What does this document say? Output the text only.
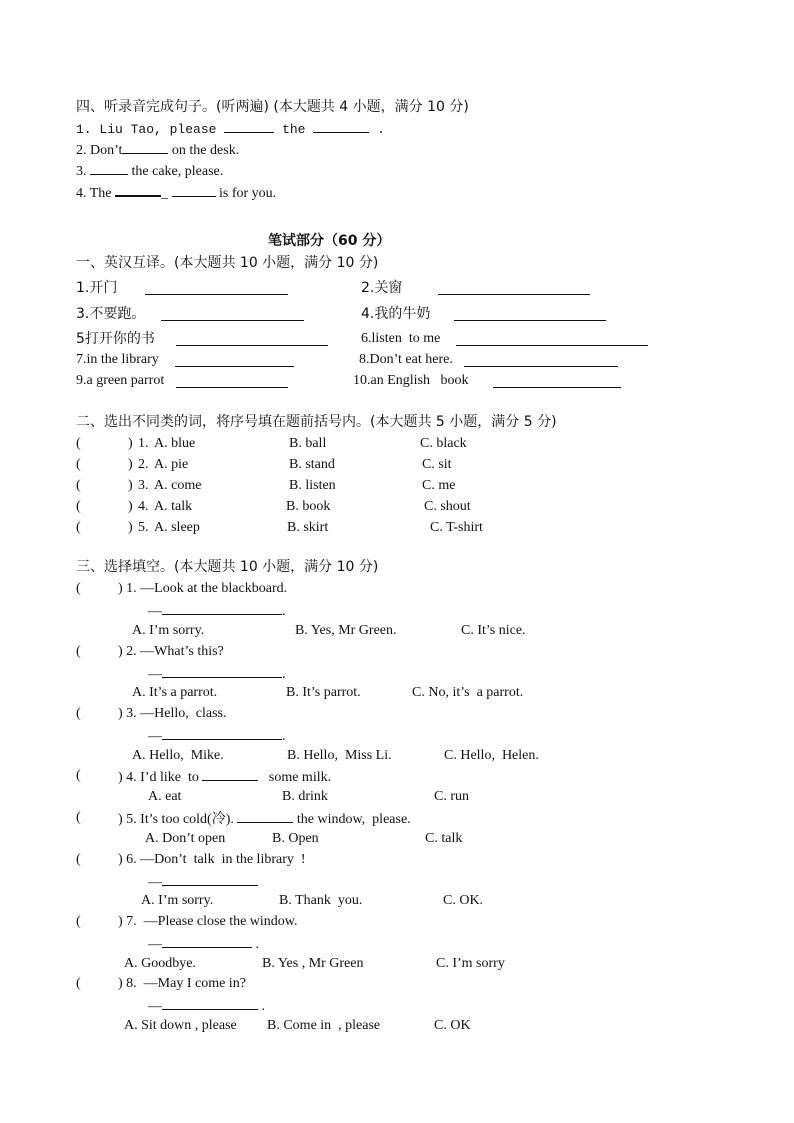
四、听录音完成句子。(听两遍) (本大题共 4 小题，满分 10 分)
1. Liu Tao, please	the	.
2. Don’t	on the desk.
3.	the cake, please.
4. The	_	is for you.
笔试部分（60 分）
一、英汉互译。(本大题共 10 小题，满分 10 分)
1.开门	2.关窗
3.不要跑。	4.我的牛奶
5打开你的书	6.listen  to me
7.in the library	8.Don’t eat here.
9.a green parrot	10.an English   book
二、选出不同类的词，将序号填在题前括号内。(本大题共 5 小题，满分 5 分)
(	) 1. A. blue	B. ball	C. black
(	) 2. A. pie	B. stand	C. sit
(	) 3. A. come	B. listen	C. me
(	) 4. A. talk	B. book	C. shout
(	) 5. A. sleep	B. skirt	C. T-shirt
三、选择填空。(本大题共 10 小题，满分 10 分)
(	) 1. —Look at the blackboard.
—	.
A. I’m sorry.	B. Yes, Mr Green.	C. It’s nice.
(	) 2. —What’s this?
—	.
A. It’s a parrot.	B. It’s parrot.	C. No, it’s  a parrot.
(	) 3. —Hello,  class.
—	.
A. Hello,  Mike.	B. Hello,  Miss Li.	C. Hello,  Helen.
(	) 4. I’d like  to	some milk.
A. eat	B. drink	C. run
(	) 5. It’s too cold(冷).	the window,  please.
A. Don’t open	B. Open	C. talk
(	) 6. —Don’t  talk  in the library  !
—
A. I’m sorry.	B. Thank  you.	C. OK.
(	) 7.  —Please close the window.
—	.
A. Goodbye.	B. Yes , Mr Green	C. I’m sorry
(	) 8.  —May I come in?
—	.
A. Sit down , please B. Come in  , please	C. OK
